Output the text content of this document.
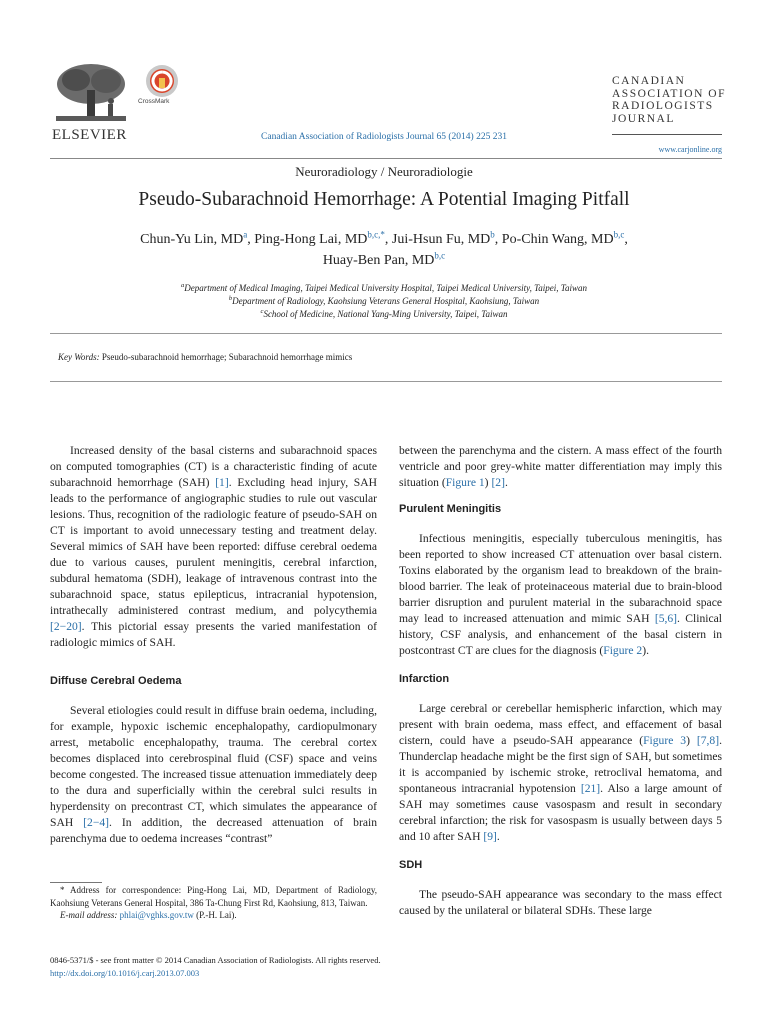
ELSEVIER
CrossMark
Canadian Association of Radiologists Journal 65 (2014) 225 231
CANADIAN
ASSOCIATION OF
RADIOLOGISTS
JOURNAL
www.carjonline.org
Neuroradiology / Neuroradiologie
Pseudo-Subarachnoid Hemorrhage: A Potential Imaging Pitfall
Chun-Yu Lin, $MD^a$, Ping-Hong Lai, $MD^{b,c,*}$, Jui-Hsun Fu, $MD^b$, Po-Chin Wang, MD$^{b,c}$,
Huay-Ben Pan, MD$^{b,c}$
$^a$Department of Medical Imaging, Taipei Medical University Hospital, Taipei Medical University, Taipei, Taiwan
$^b$Department of Radiology, Kaohsiung Veterans General Hospital, Kaohsiung, Taiwan
$^c$School of Medicine, National Yang-Ming University, Taipei, Taiwan
Key Words: Pseudo-subarachnoid hemorrhage; Subarachnoid hemorrhage mimics

Increased density of the basal cisterns and subarachnoid spaces on computed tomographies (CT) is a characteristic finding of acute subarachnoid hemorrhage (SAH) [1]. Excluding head injury, SAH leads to the performance of angiographic studies to rule out vascular lesions. Thus, recognition of the radiologic feature of pseudo-SAH on CT is important to avoid unnecessary testing and treatment delay. Several mimics of SAH have been reported: diffuse cerebral oedema due to various causes, purulent meningitis, cerebral infarction, subdural hematoma (SDH), leakage of intravenous contrast into the subarachnoid space, status epilepticus, intracranial hypotension, intrathecally administered contrast medium, and polycythemia [2−20]. This pictorial essay presents the varied manifestation of radiologic mimics of SAH.

Diffuse Cerebral Oedema

Several etiologies could result in diffuse brain oedema, including, for example, hypoxic ischemic encephalopathy, cardiopulmonary arrest, metabolic encephalopathy, trauma. The cerebral cortex becomes displaced into cerebrospinal fluid (CSF) space and veins become congested. The increased tissue attenuation immediately deep to the dura and superficially within the cerebral sulci results in hyperdensity on precontrast CT, which simulates the appearance of SAH [2−4]. In addition, the decreased attenuation of brain parenchyma due to oedema increases “contrast”

between the parenchyma and the cistern. A mass effect of the fourth ventricle and poor grey-white matter differentiation may imply this situation (Figure 1) [2].

Purulent Meningitis

Infectious meningitis, especially tuberculous meningitis, has been reported to show increased CT attenuation over basal cistern. Toxins elaborated by the organism lead to breakdown of the brain-blood barrier. The leak of proteinaceous material due to brain-blood barrier disruption and purulent material in the subarachnoid space may lead to increased attenuation and mimic SAH [5,6]. Clinical history, CSF analysis, and enhancement of the basal cistern in postcontrast CT are clues for the diagnosis (Figure 2).

Infarction

Large cerebral or cerebellar hemispheric infarction, which may present with brain oedema, mass effect, and effacement of basal cistern, could have a pseudo-SAH appearance (Figure 3) [7,8]. Thunderclap headache might be the first sign of SAH, but sometimes it is accompanied by ischemic stroke, retroclival hematoma, and spontaneous intracranial hypotension [21]. Also a large amount of SAH may sometimes cause vasospasm and result in secondary cerebral infarction; the risk for vasospasm is usually between days 5 and 10 after SAH [9].

SDH

The pseudo-SAH appearance was secondary to the mass effect caused by the unilateral or bilateral SDHs. These large

* Address for correspondence: Ping-Hong Lai, MD, Department of Radiology, Kaohsiung Veterans General Hospital, 386 Ta-Chung First Rd, Kaohsiung, 813, Taiwan.
E-mail address: phlai@vghks.gov.tw (P.-H. Lai).
0846-5371/$ - see front matter © 2014 Canadian Association of Radiologists. All rights reserved.
http://dx.doi.org/10.1016/j.carj.2013.07.003
